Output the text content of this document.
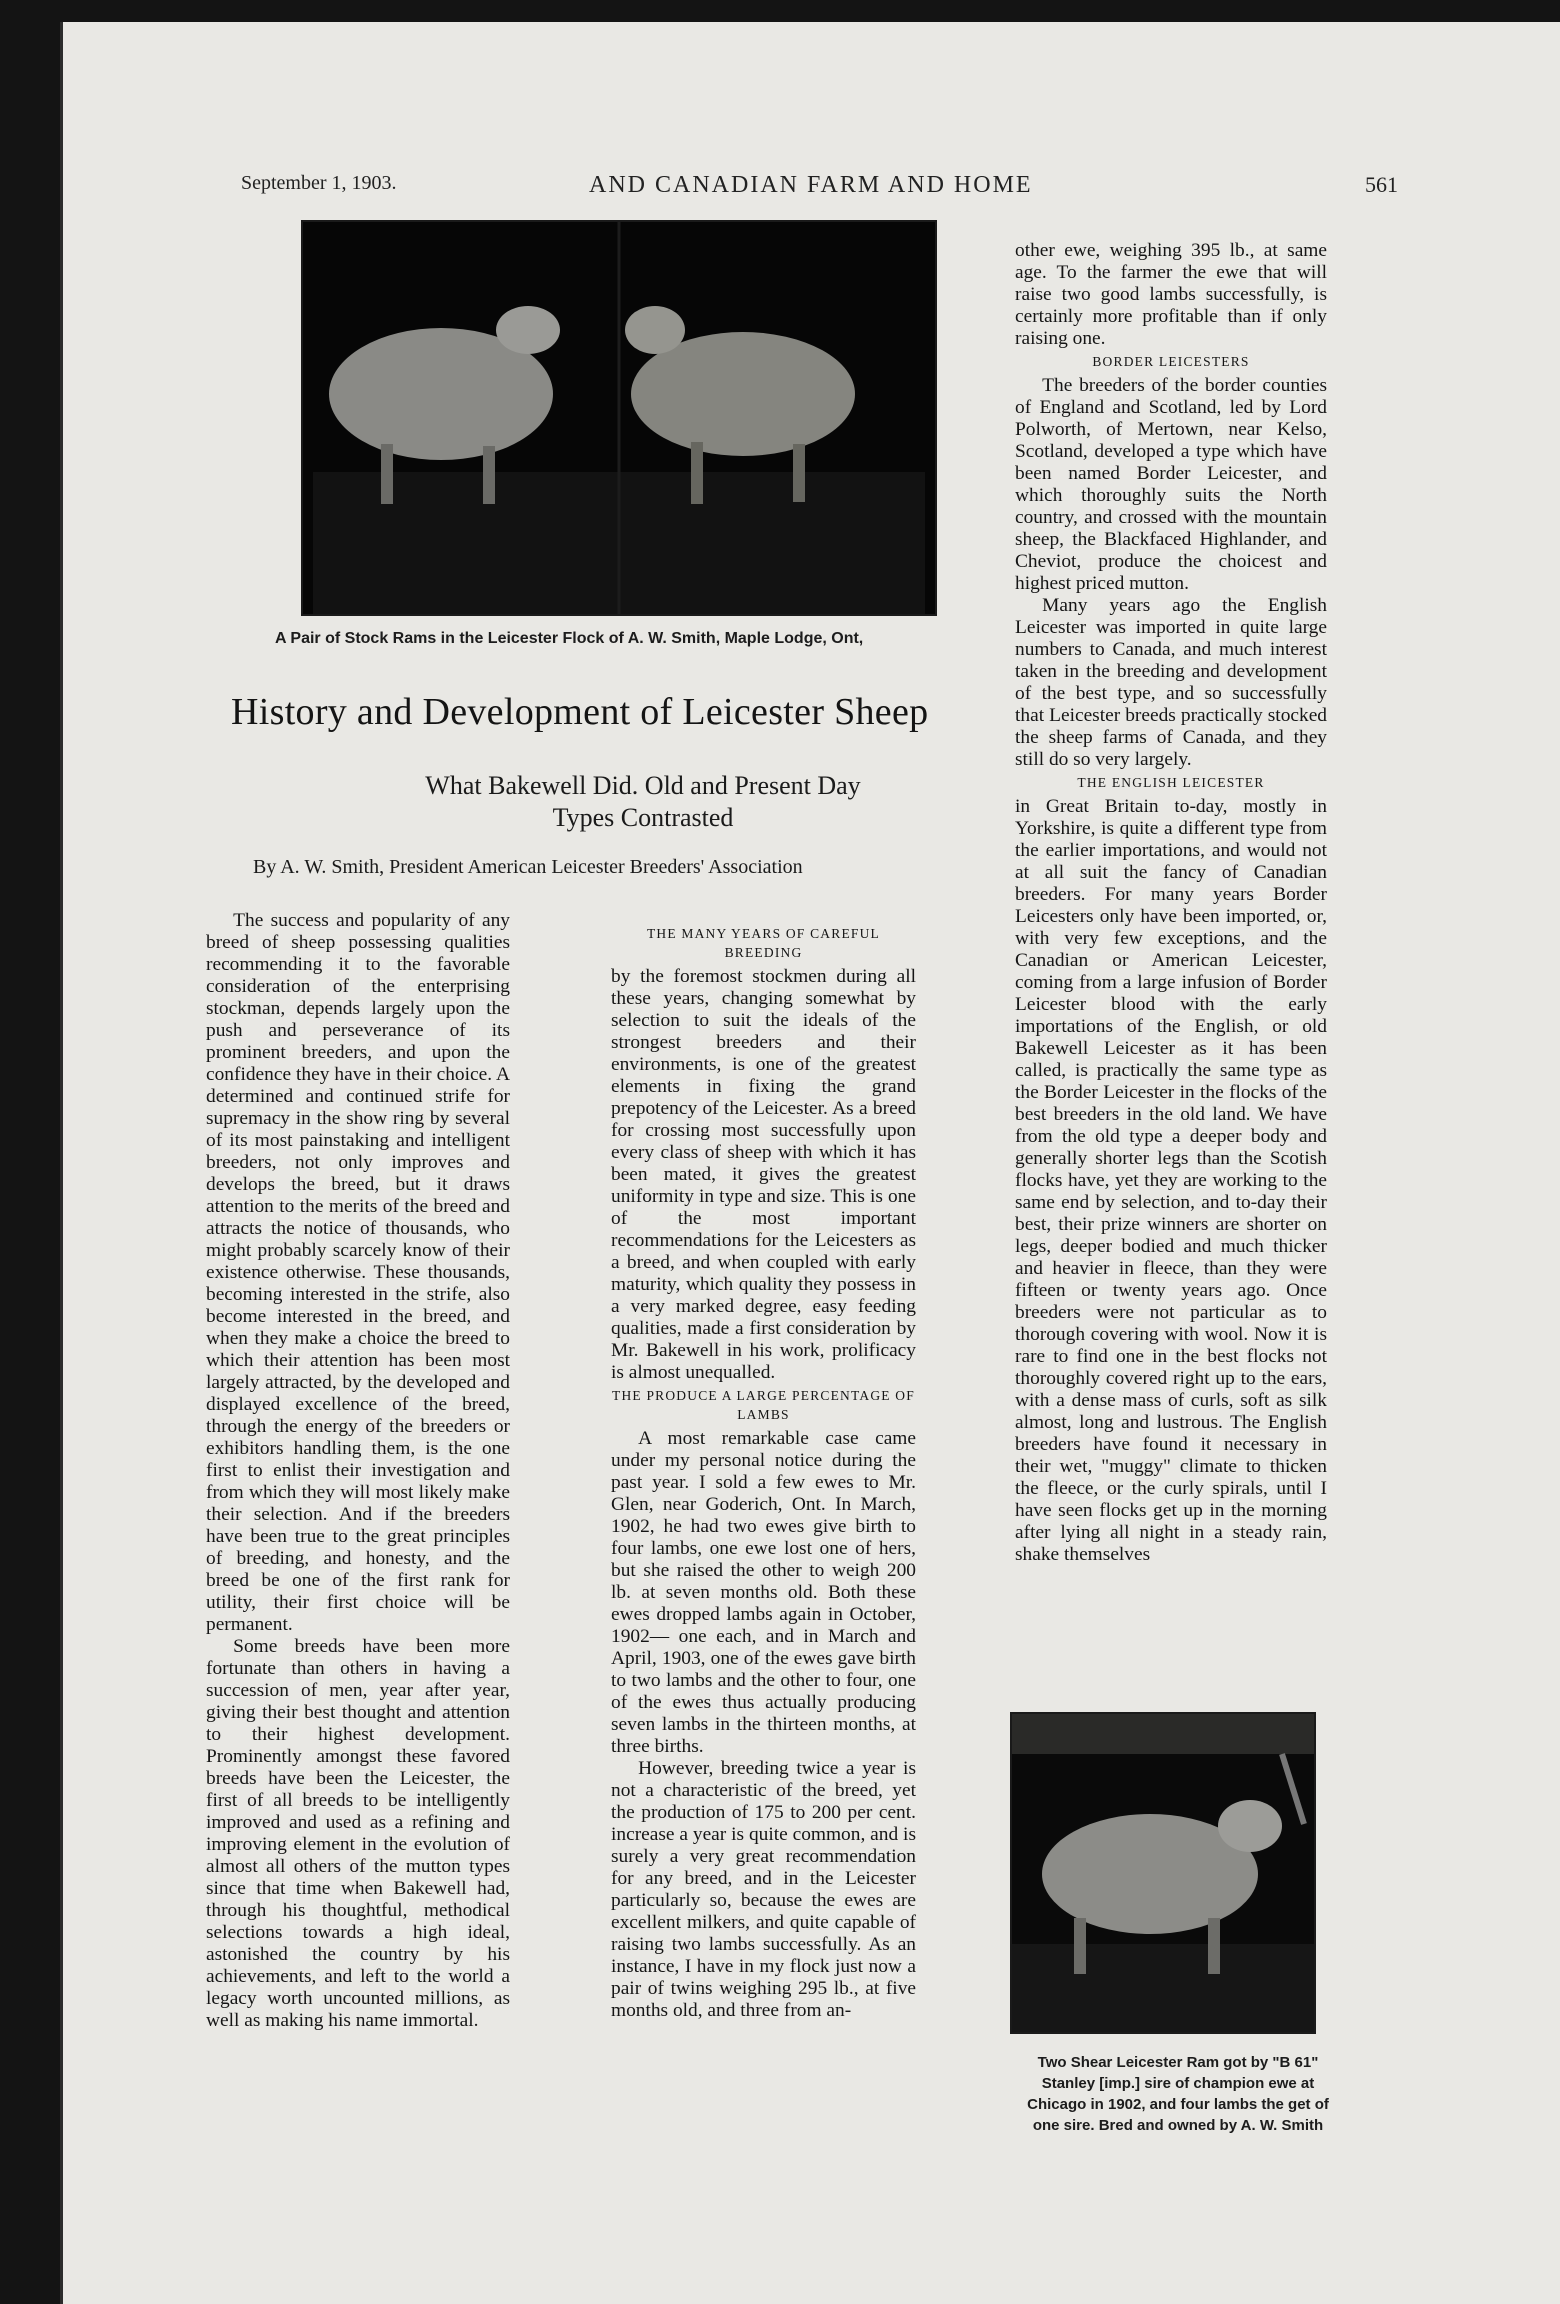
September 1, 1903.	AND CANADIAN FARM AND HOME	561
A Pair of Stock Rams in the Leicester Flock of A. W. Smith, Maple Lodge, Ont,
History and Development of Leicester Sheep
What Bakewell Did. Old and Present Day
Types Contrasted
By A. W. Smith, President American Leicester Breeders' Association

The success and popularity of any breed of sheep possessing qualities recommending it to the favorable consideration of the enterprising stockman, depends largely upon the push and perseverance of its prominent breeders, and upon the confidence they have in their choice. A determined and continued strife for supremacy in the show ring by several of its most painstaking and intelligent breeders, not only improves and develops the breed, but it draws attention to the merits of the breed and attracts the notice of thousands, who might probably scarcely know of their existence otherwise. These thousands, becoming interested in the strife, also become interested in the breed, and when they make a choice the breed to which their attention has been most largely attracted, by the developed and displayed excellence of the breed, through the energy of the breeders or exhibitors handling them, is the one first to enlist their investigation and from which they will most likely make their selection. And if the breeders have been true to the great principles of breeding, and honesty, and the breed be one of the first rank for utility, their first choice will be permanent.

Some breeds have been more fortunate than others in having a succession of men, year after year, giving their best thought and attention to their highest development. Prominently amongst these favored breeds have been the Leicester, the first of all breeds to be intelligently improved and used as a refining and improving element in the evolution of almost all others of the mutton types since that time when Bakewell had, through his thoughtful, methodical selections towards a high ideal, astonished the country by his achievements, and left to the world a legacy worth uncounted millions, as well as making his name immortal.

THE MANY YEARS OF CAREFUL BREEDING

by the foremost stockmen during all these years, changing somewhat by selection to suit the ideals of the strongest breeders and their environments, is one of the greatest elements in fixing the grand prepotency of the Leicester. As a breed for crossing most successfully upon every class of sheep with which it has been mated, it gives the greatest uniformity in type and size. This is one of the most important recommendations for the Leicesters as a breed, and when coupled with early maturity, which quality they possess in a very marked degree, easy feeding qualities, made a first consideration by Mr. Bakewell in his work, prolificacy is almost unequalled.

THE PRODUCE A LARGE PERCENTAGE OF LAMBS

A most remarkable case came under my personal notice during the past year. I sold a few ewes to Mr. Glen, near Goderich, Ont. In March, 1902, he had two ewes give birth to four lambs, one ewe lost one of hers, but she raised the other to weigh 200 lb. at seven months old. Both these ewes dropped lambs again in October, 1902— one each, and in March and April, 1903, one of the ewes gave birth to two lambs and the other to four, one of the ewes thus actually producing seven lambs in the thirteen months, at three births.

However, breeding twice a year is not a characteristic of the breed, yet the production of 175 to 200 per cent. increase a year is quite common, and is surely a very great recommendation for any breed, and in the Leicester particularly so, because the ewes are excellent milkers, and quite capable of raising two lambs successfully. As an instance, I have in my flock just now a pair of twins weighing 295 lb., at five months old, and three from an-

other ewe, weighing 395 lb., at same age. To the farmer the ewe that will raise two good lambs successfully, is certainly more profitable than if only raising one.

BORDER LEICESTERS

The breeders of the border counties of England and Scotland, led by Lord Polworth, of Mertown, near Kelso, Scotland, developed a type which have been named Border Leicester, and which thoroughly suits the North country, and crossed with the mountain sheep, the Blackfaced Highlander, and Cheviot, produce the choicest and highest priced mutton.

Many years ago the English Leicester was imported in quite large numbers to Canada, and much interest taken in the breeding and development of the best type, and so successfully that Leicester breeds practically stocked the sheep farms of Canada, and they still do so very largely.

THE ENGLISH LEICESTER

in Great Britain to-day, mostly in Yorkshire, is quite a different type from the earlier importations, and would not at all suit the fancy of Canadian breeders. For many years Border Leicesters only have been imported, or, with very few exceptions, and the Canadian or American Leicester, coming from a large infusion of Border Leicester blood with the early importations of the English, or old Bakewell Leicester as it has been called, is practically the same type as the Border Leicester in the flocks of the best breeders in the old land. We have from the old type a deeper body and generally shorter legs than the Scotish flocks have, yet they are working to the same end by selection, and to-day their best, their prize winners are shorter on legs, deeper bodied and much thicker and heavier in fleece, than they were fifteen or twenty years ago. Once breeders were not particular as to thorough covering with wool. Now it is rare to find one in the best flocks not thoroughly covered right up to the ears, with a dense mass of curls, soft as silk almost, long and lustrous. The English breeders have found it necessary in their wet, "muggy" climate to thicken the fleece, or the curly spirals, until I have seen flocks get up in the morning after lying all night in a steady rain, shake themselves

Two Shear Leicester Ram got by "B 61" Stanley [imp.] sire of champion ewe at Chicago in 1902, and four lambs the get of one sire. Bred and owned by A. W. Smith
